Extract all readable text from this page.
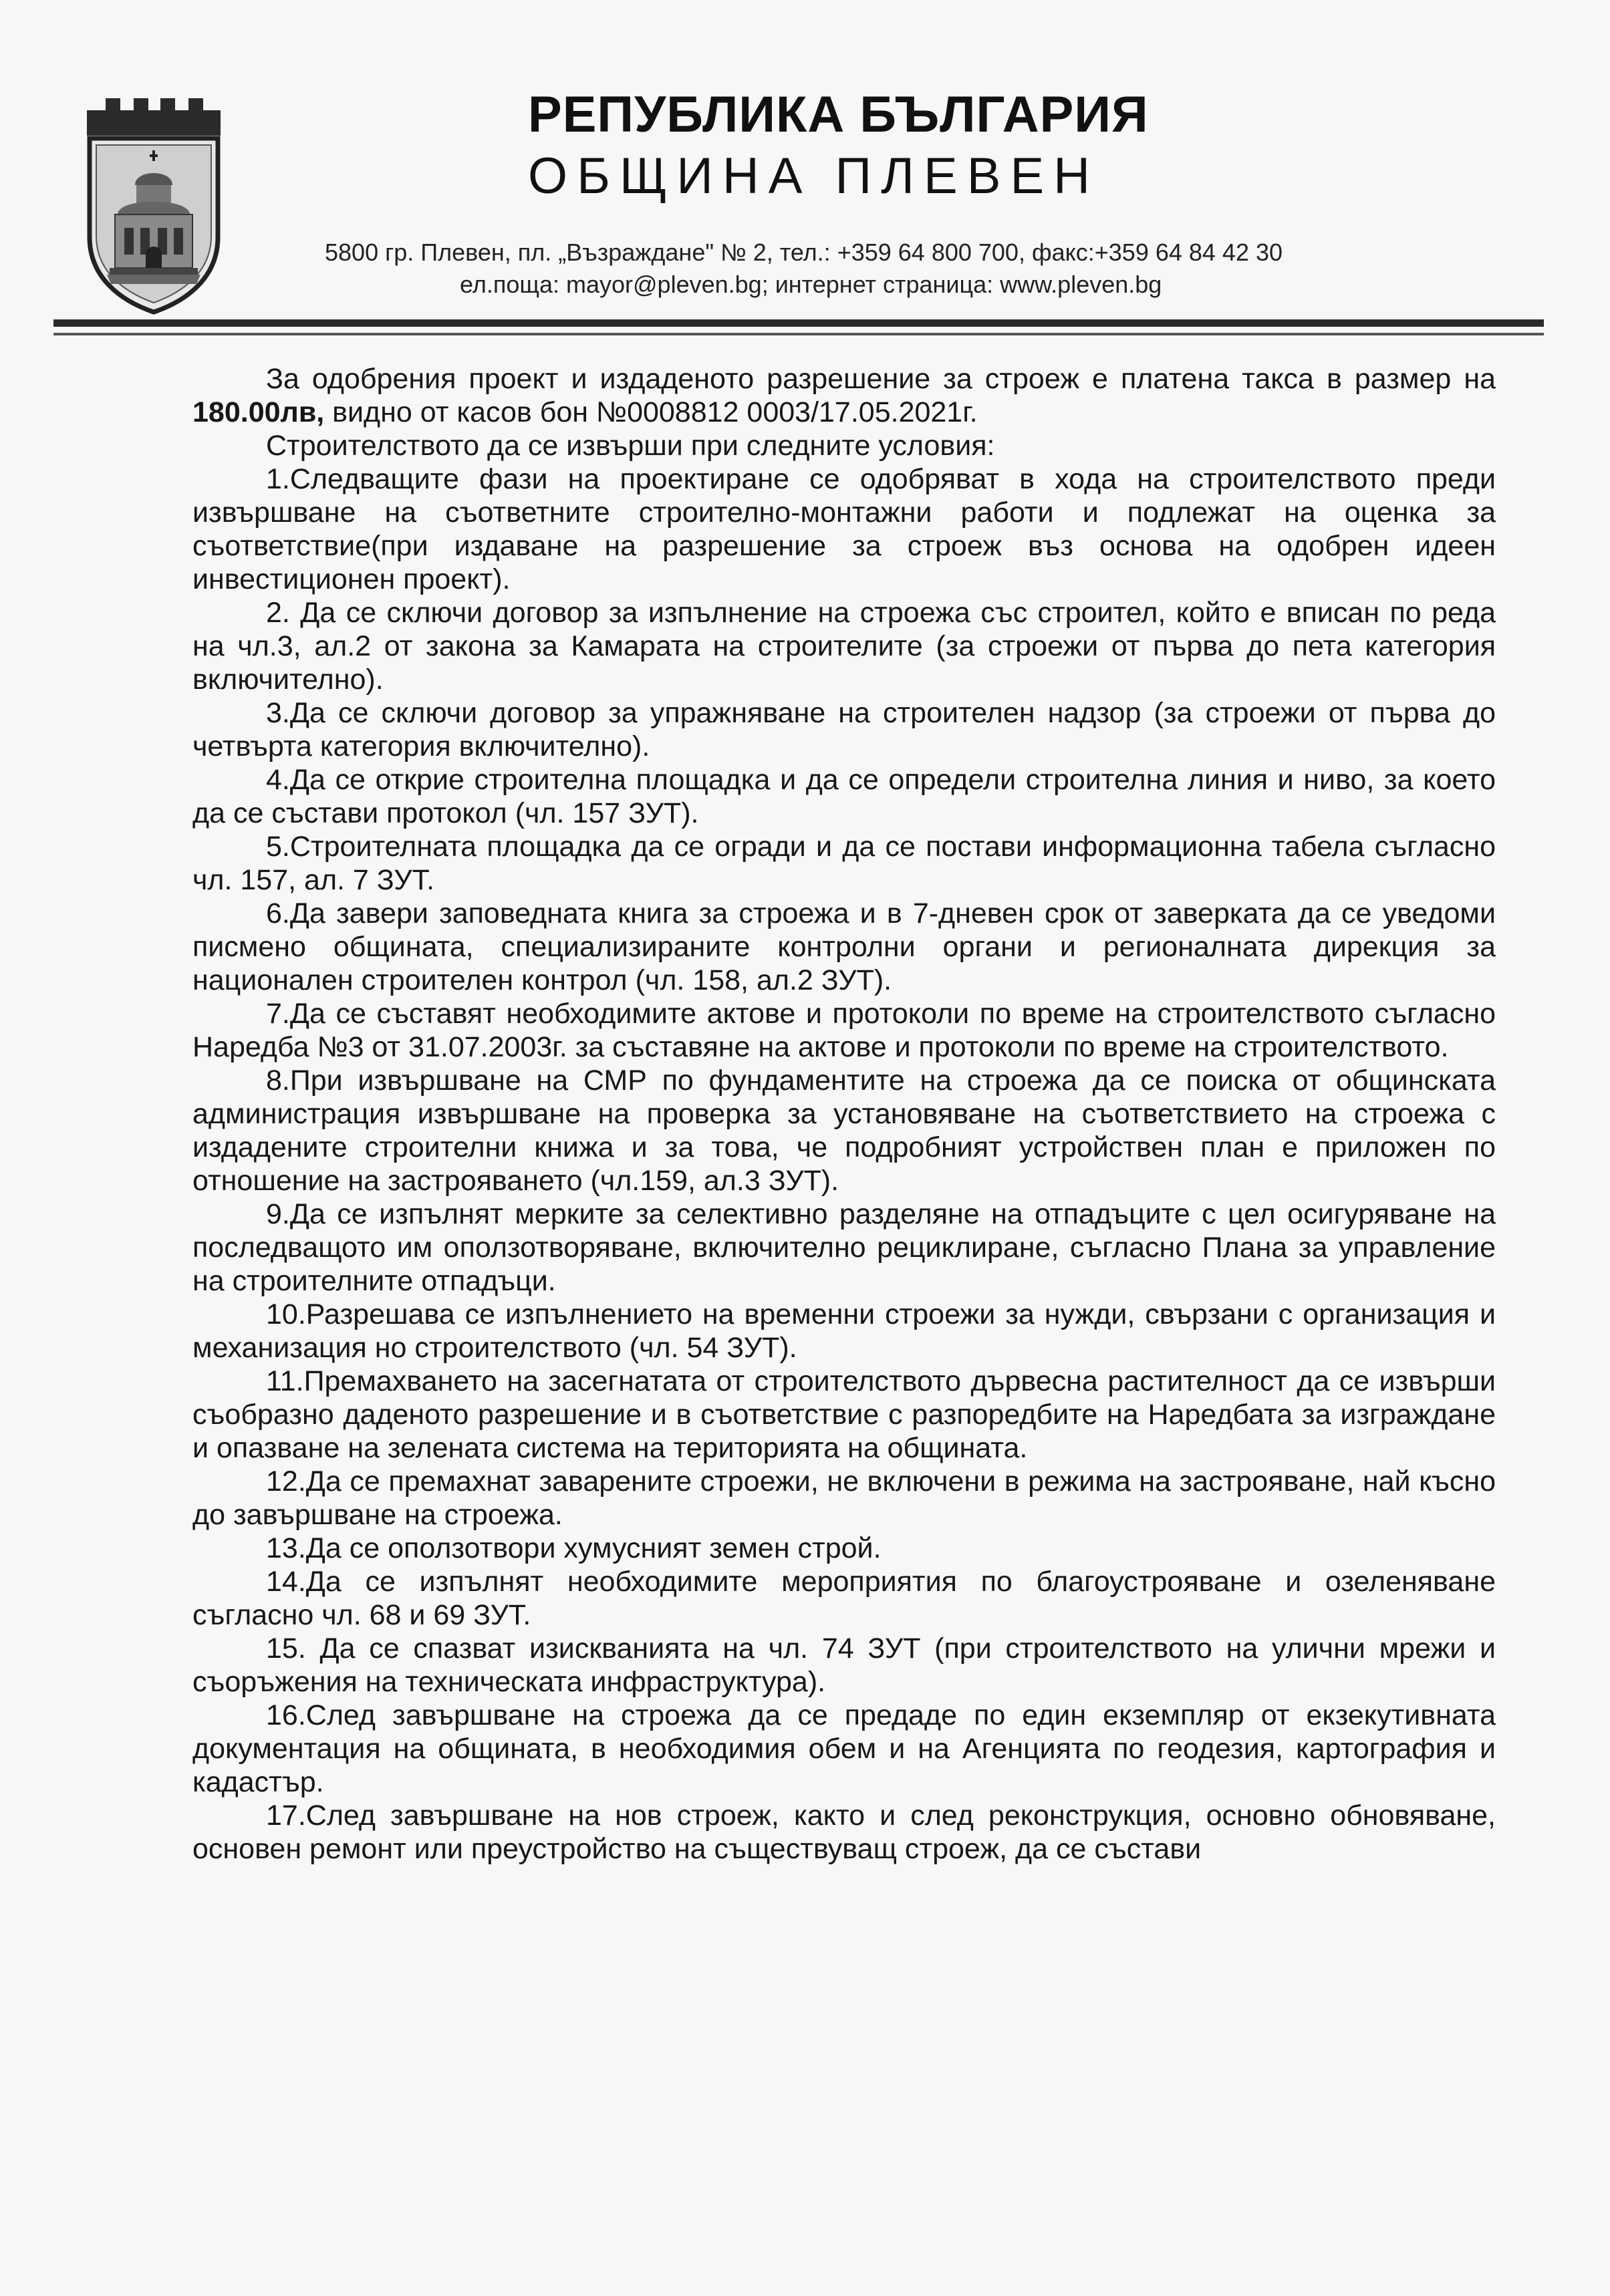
РЕПУБЛИКА БЪЛГАРИЯ
ОБЩИНА ПЛЕВЕН
5800 гр. Плевен, пл. „Възраждане" № 2, тел.: +359 64 800 700, факс:+359 64 84 42 30
ел.поща: mayor@pleven.bg; интернет страница: www.pleven.bg

За одобрения проект и издаденото разрешение за строеж е платена такса в размер на 180.00лв, видно от касов бон №0008812 0003/17.05.2021г.

Строителството да се извърши при следните условия:

1.Следващите фази на проектиране се одобряват в хода на строителството преди извършване на съответните строително-монтажни работи и подлежат на оценка за съответствие(при издаване на разрешение за строеж въз основа на одобрен идеен инвестиционен проект).

2. Да се сключи договор за изпълнение на строежа със строител, който е вписан по реда на чл.3, ал.2 от закона за Камарата на строителите (за строежи от първа до пета категория включително).

3.Да се сключи договор за упражняване на строителен надзор (за строежи от първа до четвърта категория включително).

4.Да се открие строителна площадка и да се определи строителна линия и ниво, за което да се състави протокол (чл. 157 ЗУТ).

5.Строителната площадка да се огради и да се постави информационна табела съгласно чл. 157, ал. 7 ЗУТ.

6.Да завери заповедната книга за строежа и в 7-дневен срок от заверката да се уведоми писмено общината, специализираните контролни органи и регионалната дирекция за национален строителен контрол (чл. 158, ал.2 ЗУТ).

7.Да се съставят необходимите актове и протоколи по време на строителството съгласно Наредба №3 от 31.07.2003г. за съставяне на актове и протоколи по време на строителството.

8.При извършване на СМР по фундаментите на строежа да се поиска от общинската администрация извършване на проверка за установяване на съответствието на строежа с издадените строителни книжа и за това, че подробният устройствен план е приложен по отношение на застрояването (чл.159, ал.3 ЗУТ).

9.Да се изпълнят мерките за селективно разделяне на отпадъците с цел осигуряване на последващото им оползотворяване, включително рециклиране, съгласно Плана за управление на строителните отпадъци.

10.Разрешава се изпълнението на временни строежи за нужди, свързани с организация и механизация но строителството (чл. 54 ЗУТ).

11.Премахването на засегнатата от строителството дървесна растителност да се извърши съобразно даденото разрешение и в съответствие с разпоредбите на Наредбата за изграждане и опазване на зелената система на територията на общината.

12.Да се премахнат заварените строежи, не включени в режима на застрояване, най късно до завършване на строежа.

13.Да се оползотвори хумусният земен строй.

14.Да се изпълнят необходимите мероприятия по благоустрояване и озеленяване съгласно чл. 68 и 69 ЗУТ.

15. Да се спазват изискванията на чл. 74 ЗУТ (при строителството на улични мрежи и съоръжения на техническата инфраструктура).

16.След завършване на строежа да се предаде по един екземпляр от екзекутивната документация на общината, в необходимия обем и на Агенцията по геодезия, картография и кадастър.

17.След завършване на нов строеж, както и след реконструкция, основно обновяване, основен ремонт или преустройство на съществуващ строеж, да се състави
